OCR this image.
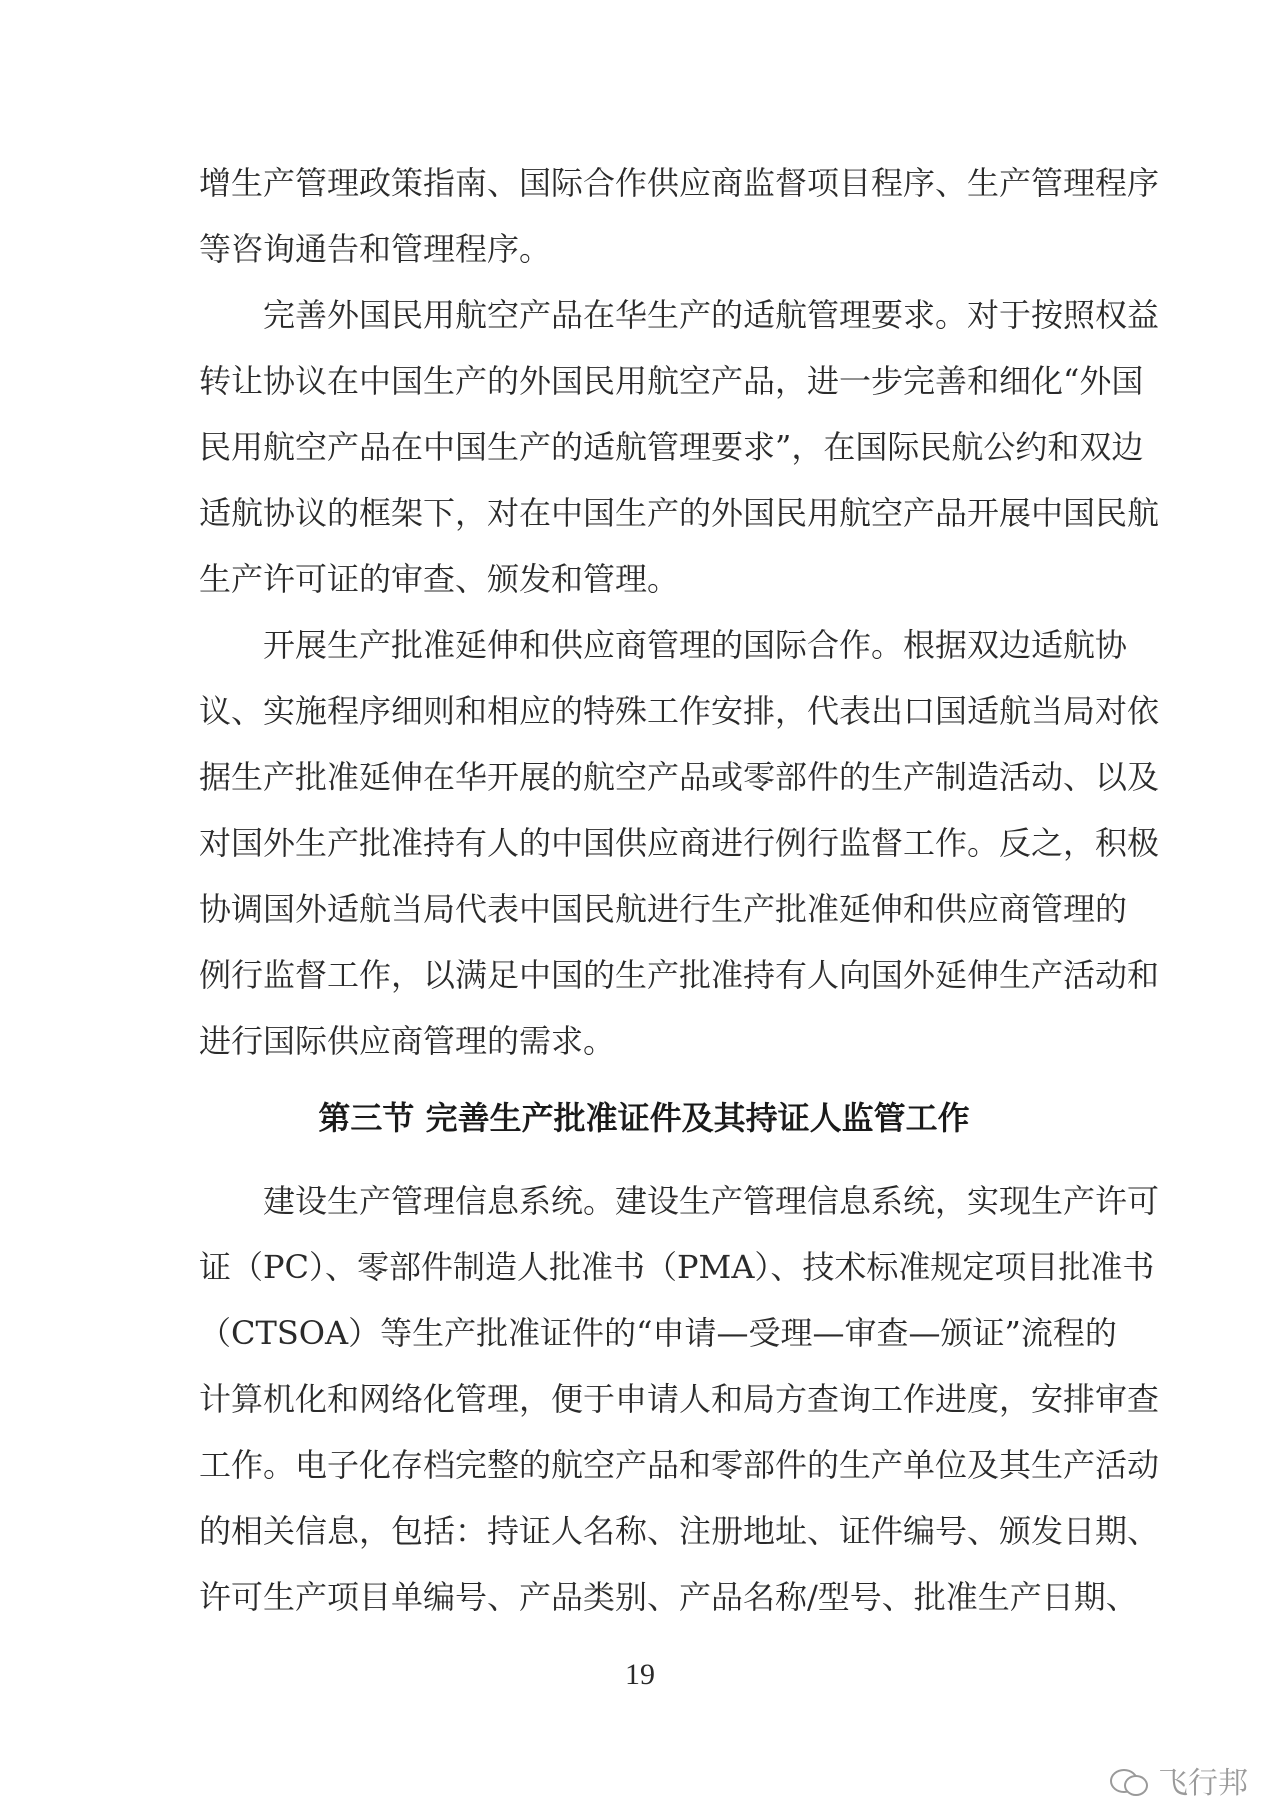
增生产管理政策指南、国际合作供应商监督项目程序、生产管理程序
等咨询通告和管理程序。
完善外国民用航空产品在华生产的适航管理要求。对于按照权益
转让协议在中国生产的外国民用航空产品，进一步完善和细化“外国
民用航空产品在中国生产的适航管理要求”，在国际民航公约和双边
适航协议的框架下，对在中国生产的外国民用航空产品开展中国民航
生产许可证的审查、颁发和管理。
开展生产批准延伸和供应商管理的国际合作。根据双边适航协
议、实施程序细则和相应的特殊工作安排，代表出口国适航当局对依
据生产批准延伸在华开展的航空产品或零部件的生产制造活动、以及
对国外生产批准持有人的中国供应商进行例行监督工作。反之，积极
协调国外适航当局代表中国民航进行生产批准延伸和供应商管理的
例行监督工作，以满足中国的生产批准持有人向国外延伸生产活动和
进行国际供应商管理的需求。
第三节 完善生产批准证件及其持证人监管工作
建设生产管理信息系统。建设生产管理信息系统，实现生产许可
证（PC）、零部件制造人批准书（PMA）、技术标准规定项目批准书
（CTSOA）等生产批准证件的“申请—受理—审查—颁证”流程的
计算机化和网络化管理，便于申请人和局方查询工作进度，安排审查
工作。电子化存档完整的航空产品和零部件的生产单位及其生产活动
的相关信息，包括：持证人名称、注册地址、证件编号、颁发日期、
许可生产项目单编号、产品类别、产品名称/型号、批准生产日期、
19
飞行邦
